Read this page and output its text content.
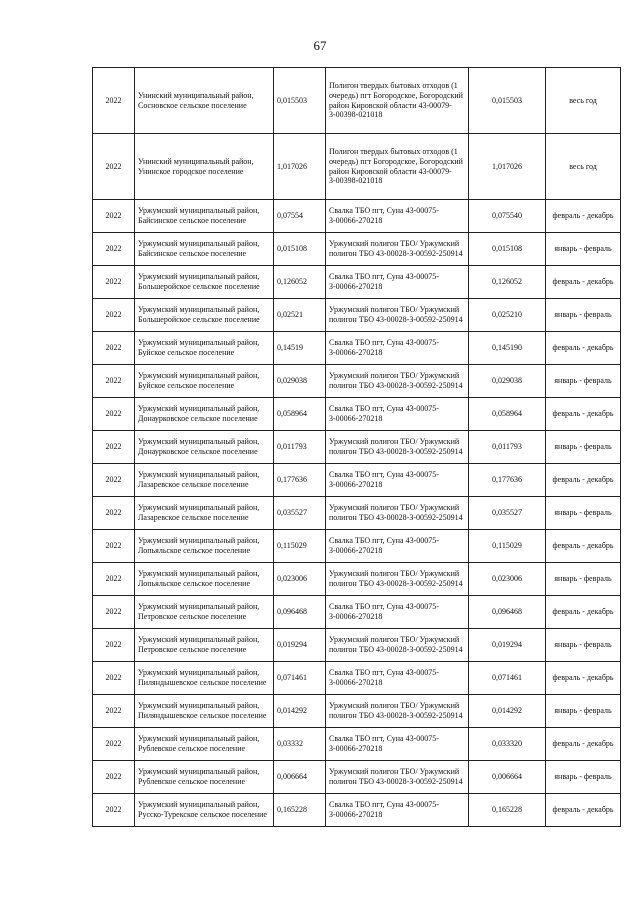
67
2022	Унинский муниципальный район, Сосновское сельское поселение	0,015503	Полигон твердых бытовых отходов (1 очередь) пгт Богородское, Богородский район Кировской области 43-00079-З-00398-021018	0,015503	весь год
2022	Унинский муниципальный район, Унинское городское поселение	1,017026	Полигон твердых бытовых отходов (1 очередь) пгт Богородское, Богородский район Кировской области 43-00079-З-00398-021018	1,017026	весь год
2022	Уржумский муниципальный район, Байсинское сельское поселение	0,07554	Свалка ТБО пгт, Суна 43-00075-З-00066-270218	0,075540	февраль - декабрь
2022	Уржумский муниципальный район, Байсинское сельское поселение	0,015108	Уржумский полигон ТБО/ Уржумский полигон ТБО 43-00028-З-00592-250914	0,015108	январь - февраль
2022	Уржумский муниципальный район, Большеройское сельское поселение	0,126052	Свалка ТБО пгт, Суна 43-00075-З-00066-270218	0,126052	февраль - декабрь
2022	Уржумский муниципальный район, Большеройское сельское поселение	0,02521	Уржумский полигон ТБО/ Уржумский полигон ТБО 43-00028-З-00592-250914	0,025210	январь - февраль
2022	Уржумский муниципальный район, Буйское сельское поселение	0,14519	Свалка ТБО пгт, Суна 43-00075-З-00066-270218	0,145190	февраль - декабрь
2022	Уржумский муниципальный район, Буйское сельское поселение	0,029038	Уржумский полигон ТБО/ Уржумский полигон ТБО 43-00028-З-00592-250914	0,029038	январь - февраль
2022	Уржумский муниципальный район, Донаурковское сельское поселение	0,058964	Свалка ТБО пгт, Суна 43-00075-З-00066-270218	0,058964	февраль - декабрь
2022	Уржумский муниципальный район, Донаурковское сельское поселение	0,011793	Уржумский полигон ТБО/ Уржумский полигон ТБО 43-00028-З-00592-250914	0,011793	январь - февраль
2022	Уржумский муниципальный район, Лазаревское сельское поселение	0,177636	Свалка ТБО пгт, Суна 43-00075-З-00066-270218	0,177636	февраль - декабрь
2022	Уржумский муниципальный район, Лазаревское сельское поселение	0,035527	Уржумский полигон ТБО/ Уржумский полигон ТБО 43-00028-З-00592-250914	0,035527	январь - февраль
2022	Уржумский муниципальный район, Лопьяльское сельское поселение	0,115029	Свалка ТБО пгт, Суна 43-00075-З-00066-270218	0,115029	февраль - декабрь
2022	Уржумский муниципальный район, Лопьяльское сельское поселение	0,023006	Уржумский полигон ТБО/ Уржумский полигон ТБО 43-00028-З-00592-250914	0,023006	январь - февраль
2022	Уржумский муниципальный район, Петровское сельское поселение	0,096468	Свалка ТБО пгт, Суна 43-00075-З-00066-270218	0,096468	февраль - декабрь
2022	Уржумский муниципальный район, Петровское сельское поселение	0,019294	Уржумский полигон ТБО/ Уржумский полигон ТБО 43-00028-З-00592-250914	0,019294	январь - февраль
2022	Уржумский муниципальный район, Пиляндышевское сельское поселение	0,071461	Свалка ТБО пгт, Суна 43-00075-З-00066-270218	0,071461	февраль - декабрь
2022	Уржумский муниципальный район, Пиляндышевское сельское поселение	0,014292	Уржумский полигон ТБО/ Уржумский полигон ТБО 43-00028-З-00592-250914	0,014292	январь - февраль
2022	Уржумский муниципальный район, Рублевское сельское поселение	0,03332	Свалка ТБО пгт, Суна 43-00075-З-00066-270218	0,033320	февраль - декабрь
2022	Уржумский муниципальный район, Рублевское сельское поселение	0,006664	Уржумский полигон ТБО/ Уржумский полигон ТБО 43-00028-З-00592-250914	0,006664	январь - февраль
2022	Уржумский муниципальный район, Русско-Турекское сельское поселение	0,165228	Свалка ТБО пгт, Суна 43-00075-З-00066-270218	0,165228	февраль - декабрь
